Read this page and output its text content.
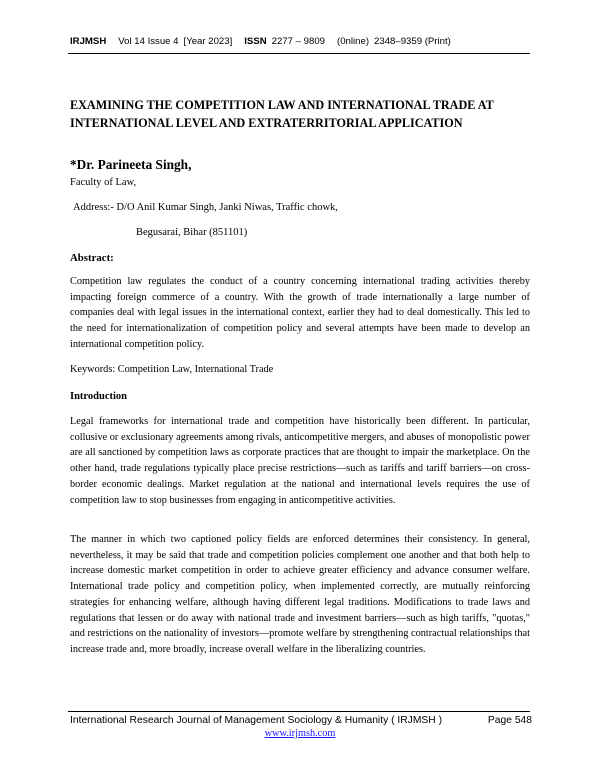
IRJMSH Vol 14 Issue 4 [Year 2023] ISSN 2277 – 9809 (0nline) 2348–9359 (Print)
EXAMINING THE COMPETITION LAW AND INTERNATIONAL TRADE AT INTERNATIONAL LEVEL AND EXTRATERRITORIAL APPLICATION

*Dr. Parineeta Singh,

Faculty of Law,

Address:- D/O Anil Kumar Singh, Janki Niwas, Traffic chowk,

Begusarai, Bihar (851101)

Abstract:

Competition law regulates the conduct of a country concerning international trading activities thereby impacting foreign commerce of a country. With the growth of trade internationally a large number of companies deal with legal issues in the international context, earlier they had to deal domestically. This led to the need for internationalization of competition policy and several attempts have been made to develop an international competition policy.

Keywords: Competition Law, International Trade

Introduction

Legal frameworks for international trade and competition have historically been different. In particular, collusive or exclusionary agreements among rivals, anticompetitive mergers, and abuses of monopolistic power are all sanctioned by competition laws as corporate practices that are thought to impair the marketplace. On the other hand, trade regulations typically place precise restrictions—such as tariffs and tariff barriers—on cross-border economic dealings. Market regulation at the national and international levels requires the use of competition law to stop businesses from engaging in anticompetitive activities.

The manner in which two captioned policy fields are enforced determines their consistency. In general, nevertheless, it may be said that trade and competition policies complement one another and that both help to increase domestic market competition in order to achieve greater efficiency and advance consumer welfare. International trade policy and competition policy, when implemented correctly, are mutually reinforcing strategies for enhancing welfare, although having different legal traditions. Modifications to trade laws and regulations that lessen or do away with national trade and investment barriers—such as high tariffs, "quotas," and restrictions on the nationality of investors—promote welfare by strengthening contractual relationships that increase trade and, more broadly, increase overall welfare in the liberalizing countries.

International Research Journal of Management Sociology & Humanity ( IRJMSH )	Page 548
www.irjmsh.com
